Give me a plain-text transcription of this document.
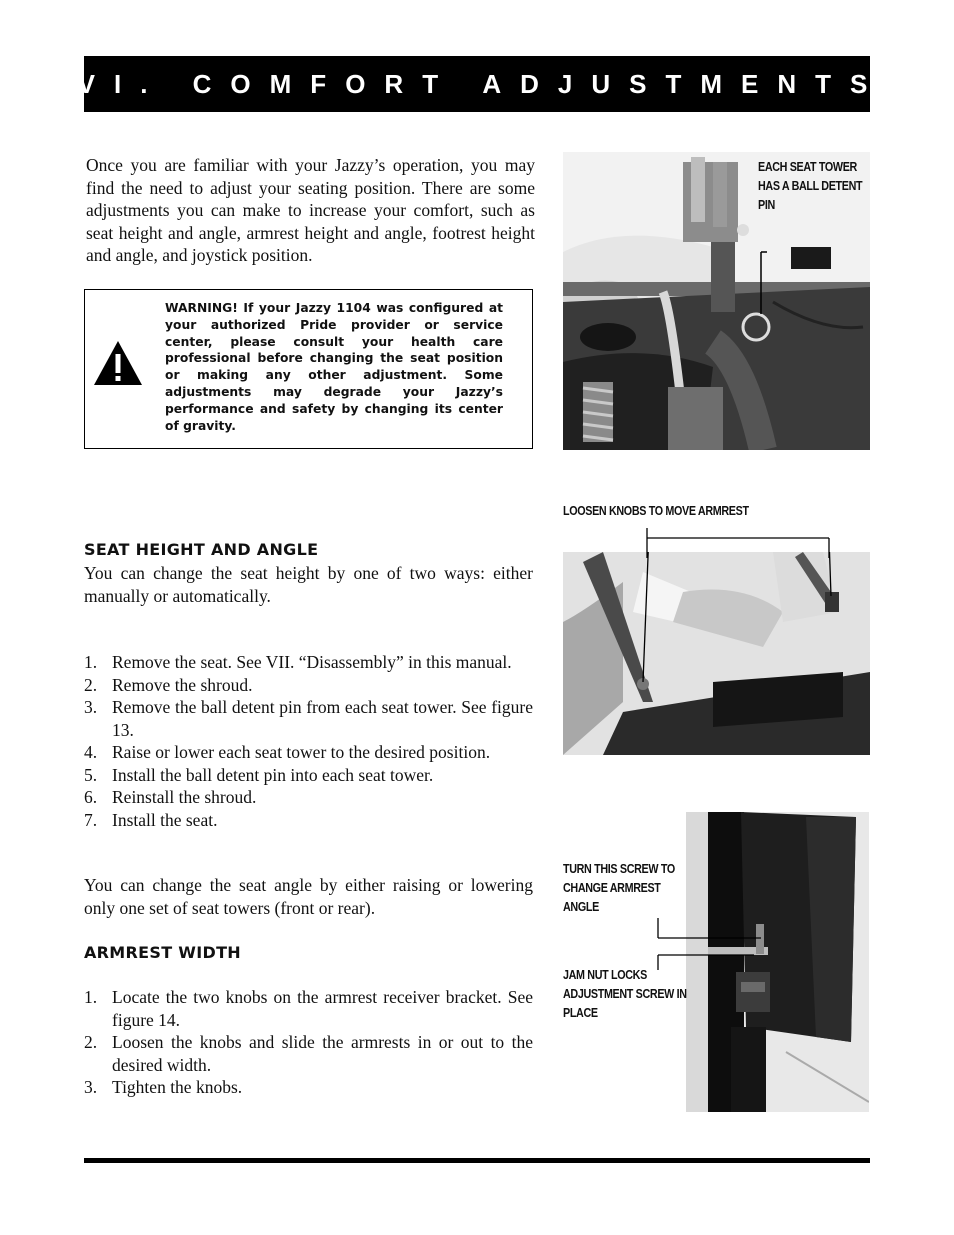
VI. COMFORT ADJUSTMENTS
Once you are familiar with your Jazzy’s operation, you may find the need to adjust your seating position. There are some adjustments you can make to increase your comfort, such as seat height and angle, armrest height and angle, footrest height and angle, and joystick position.
WARNING! If your Jazzy 1104 was configured at your authorized Pride provider or service center, please consult your health care professional before changing the seat position or making any other adjustment. Some adjustments may degrade your Jazzy’s performance and safety by changing its center of gravity.
SEAT HEIGHT AND ANGLE
You can change the seat height by one of two ways: either manually or automatically.
1. Remove the seat. See VII. “Disassembly” in this manual.
2. Remove the shroud.
3. Remove the ball detent pin from each seat tower. See figure 13.
4. Raise or lower each seat tower to the desired position.
5. Install the ball detent pin into each seat tower.
6. Reinstall the shroud.
7. Install the seat.
You can change the seat angle by either raising or lowering only one set of seat towers (front or rear).
ARMREST WIDTH
1. Locate the two knobs on the armrest receiver bracket. See figure 14.
2. Loosen the knobs and slide the armrests in or out to the desired width.
3. Tighten the knobs.
EACH SEAT TOWER HAS A BALL DETENT PIN
LOOSEN KNOBS TO MOVE ARMREST
TURN THIS SCREW TO CHANGE ARMREST ANGLE
JAM NUT LOCKS ADJUSTMENT SCREW IN PLACE
